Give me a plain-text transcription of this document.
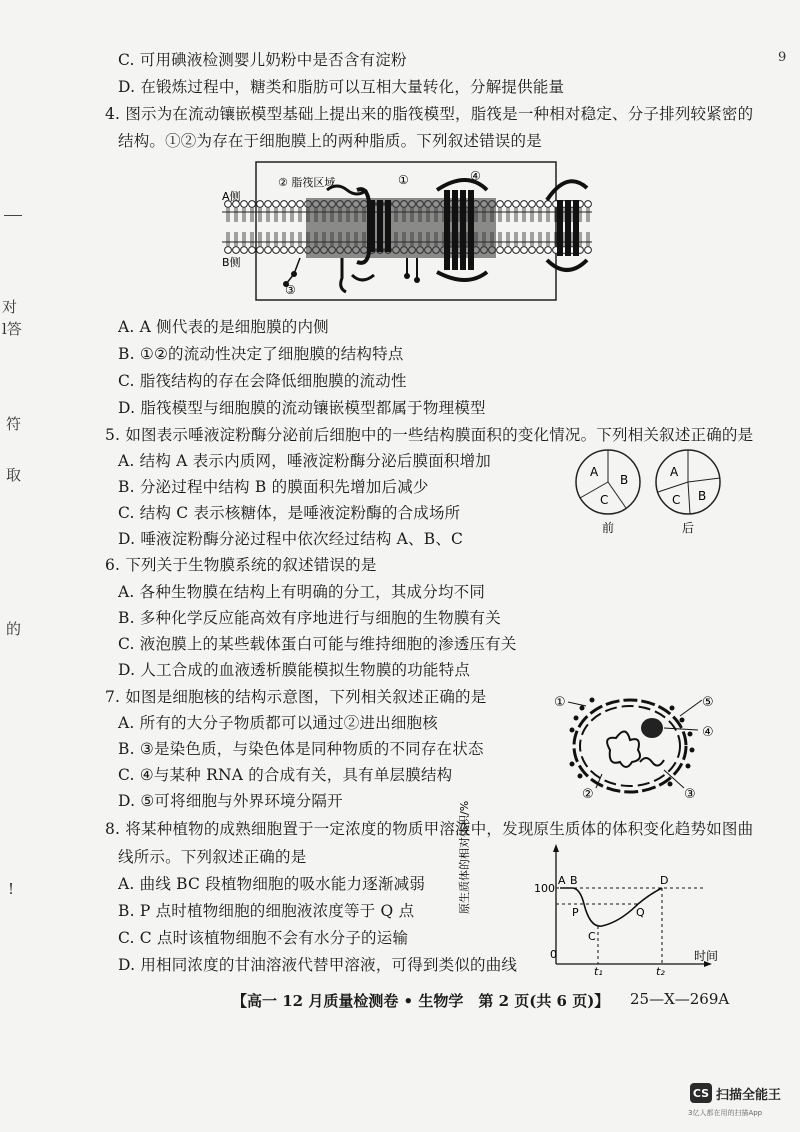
对
l答
符
取
的
!
9
C. 可用碘液检测婴儿奶粉中是否含有淀粉
D. 在锻炼过程中，糖类和脂肪可以互相大量转化，分解提供能量
4. 图示为在流动镶嵌模型基础上提出来的脂筏模型，脂筏是一种相对稳定、分子排列较紧密的
结构。①②为存在于细胞膜上的两种脂质。下列叙述错误的是
A侧
B侧
② 脂筏区域	①	④
③
A. A 侧代表的是细胞膜的内侧
B. ①②的流动性决定了细胞膜的结构特点
C. 脂筏结构的存在会降低细胞膜的流动性
D. 脂筏模型与细胞膜的流动镶嵌模型都属于物理模型
5. 如图表示唾液淀粉酶分泌前后细胞中的一些结构膜面积的变化情况。下列相关叙述正确的是
A. 结构 A 表示内质网，唾液淀粉酶分泌后膜面积增加
B. 分泌过程中结构 B 的膜面积先增加后减少
C. 结构 C 表示核糖体，是唾液淀粉酶的合成场所
D. 唾液淀粉酶分泌过程中依次经过结构 A、B、C
A
B
C
A
B
C
前	后
6. 下列关于生物膜系统的叙述错误的是
A. 各种生物膜在结构上有明确的分工，其成分均不同
B. 多种化学反应能高效有序地进行与细胞的生物膜有关
C. 液泡膜上的某些载体蛋白可能与维持细胞的渗透压有关
D. 人工合成的血液透析膜能模拟生物膜的功能特点
7. 如图是细胞核的结构示意图，下列相关叙述正确的是
A. 所有的大分子物质都可以通过②进出细胞核
B. ③是染色质，与染色体是同种物质的不同存在状态
C. ④与某种 RNA 的合成有关，具有单层膜结构
D. ⑤可将细胞与外界环境分隔开
①	⑤
④
②	③
8. 将某种植物的成熟细胞置于一定浓度的物质甲溶液中，发现原生质体的体积变化趋势如图曲
线所示。下列叙述正确的是
A. 曲线 BC 段植物细胞的吸水能力逐渐减弱
B. P 点时植物细胞的细胞液浓度等于 Q 点
C. C 点时该植物细胞不会有水分子的运输
D. 用相同浓度的甘油溶液代替甲溶液，可得到类似的曲线
原生质体的相对体积/%	100
0
t₁	t₂
时间
A B
C
D
P	Q
【高一 12 月质量检测卷 • 生物学　第 2 页(共 6 页)】 25—X—269A
CS 扫描全能王
3亿人都在用的扫描App
